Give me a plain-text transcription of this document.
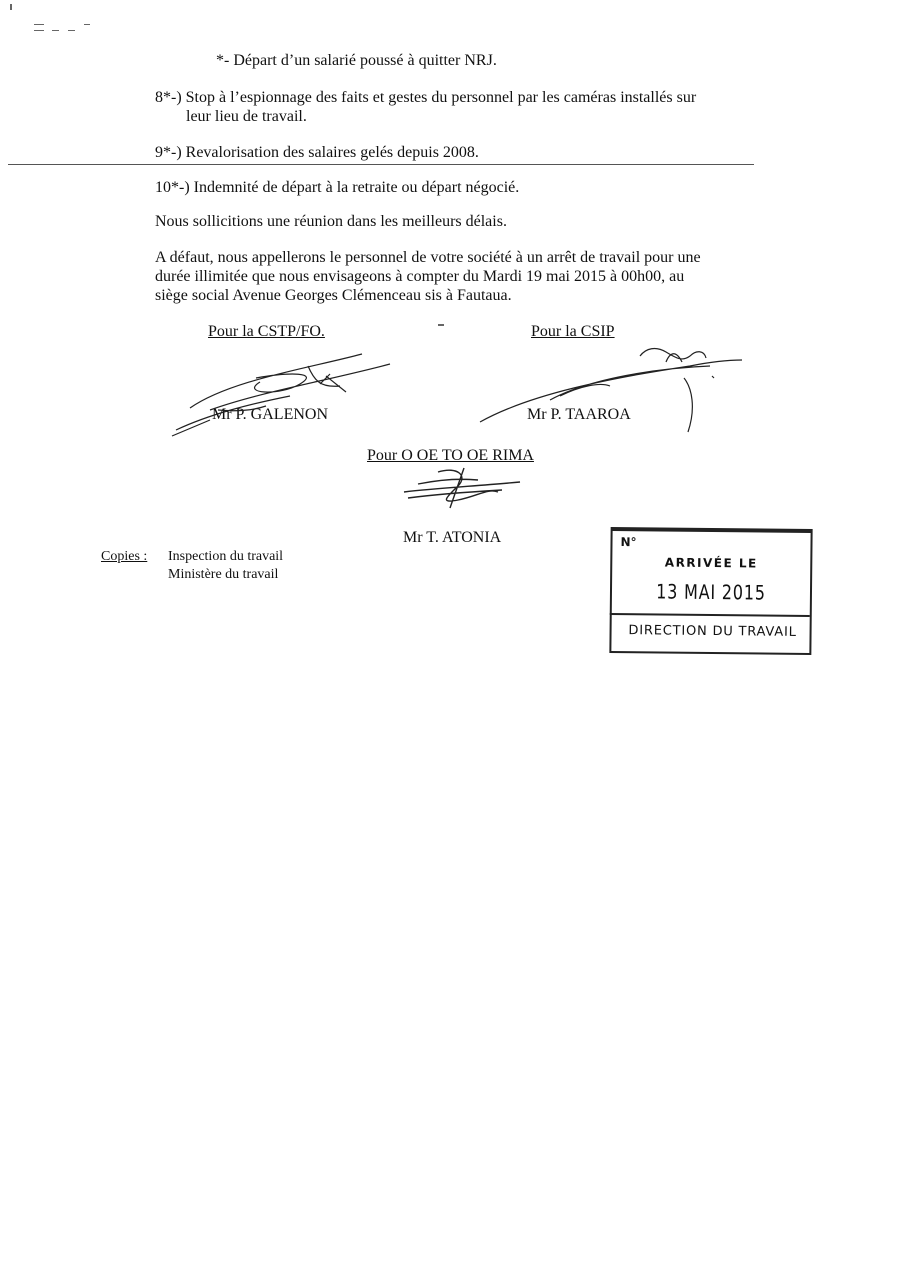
*- Départ d’un salarié poussé à quitter NRJ.
8*-) Stop à l’espionnage des faits et gestes du personnel par les caméras installés sur
leur lieu de travail.
9*-) Revalorisation des salaires gelés depuis 2008.
10*-) Indemnité de départ à la retraite ou départ négocié.
Nous sollicitions une réunion dans les meilleurs délais.
A défaut, nous appellerons le personnel de votre société à un arrêt de travail pour une
durée illimitée que nous envisageons à compter du Mardi 19 mai 2015 à 00h00, au
siège social Avenue Georges Clémenceau sis à Fautaua.
Pour la CSTP/FO.
Mr P. GALENON
Pour la CSIP
Mr P. TAAROA
Pour O OE TO OE RIMA
Mr T. ATONIA
Copies : Inspection du travail
Ministère du travail
N°
ARRIVÉE LE
13 MAI 2015
DIRECTION DU TRAVAIL
